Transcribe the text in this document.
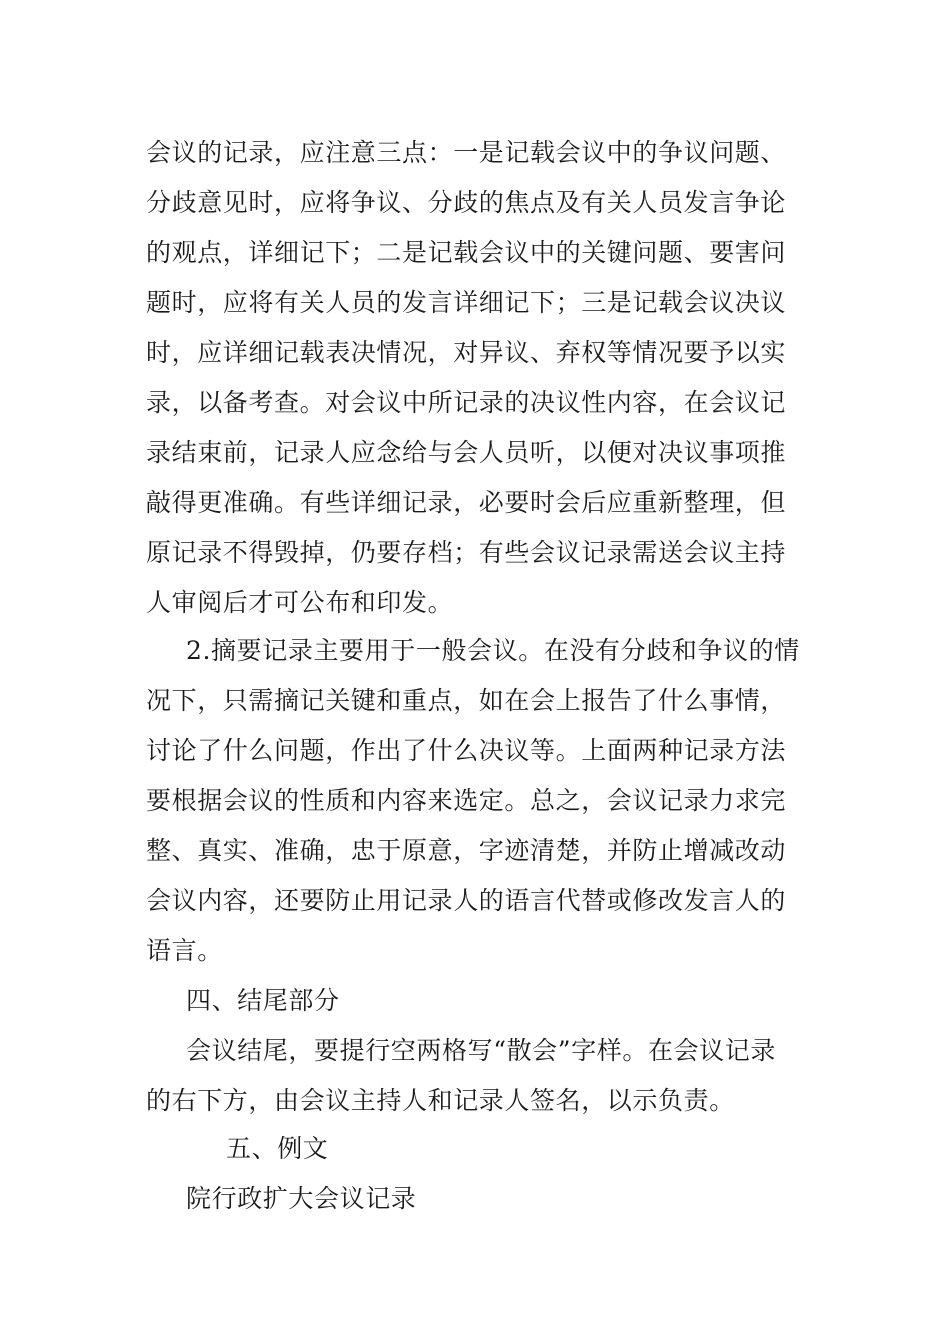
会议的记录，应注意三点：一是记载会议中的争议问题、
分歧意见时，应将争议、分歧的焦点及有关人员发言争论
的观点，详细记下；二是记载会议中的关键问题、要害问
题时，应将有关人员的发言详细记下；三是记载会议决议
时，应详细记载表决情况，对异议、弃权等情况要予以实
录，以备考查。对会议中所记录的决议性内容，在会议记
录结束前，记录人应念给与会人员听，以便对决议事项推
敲得更准确。有些详细记录，必要时会后应重新整理，但
原记录不得毁掉，仍要存档；有些会议记录需送会议主持
人审阅后才可公布和印发。
2.摘要记录主要用于一般会议。在没有分歧和争议的情
况下，只需摘记关键和重点，如在会上报告了什么事情，
讨论了什么问题，作出了什么决议等。上面两种记录方法
要根据会议的性质和内容来选定。总之，会议记录力求完
整、真实、准确，忠于原意，字迹清楚，并防止增减改动
会议内容，还要防止用记录人的语言代替或修改发言人的
语言。
四、结尾部分
会议结尾，要提行空两格写“散会”字样。在会议记录
的右下方，由会议主持人和记录人签名，以示负责。
五、例文
院行政扩大会议记录
